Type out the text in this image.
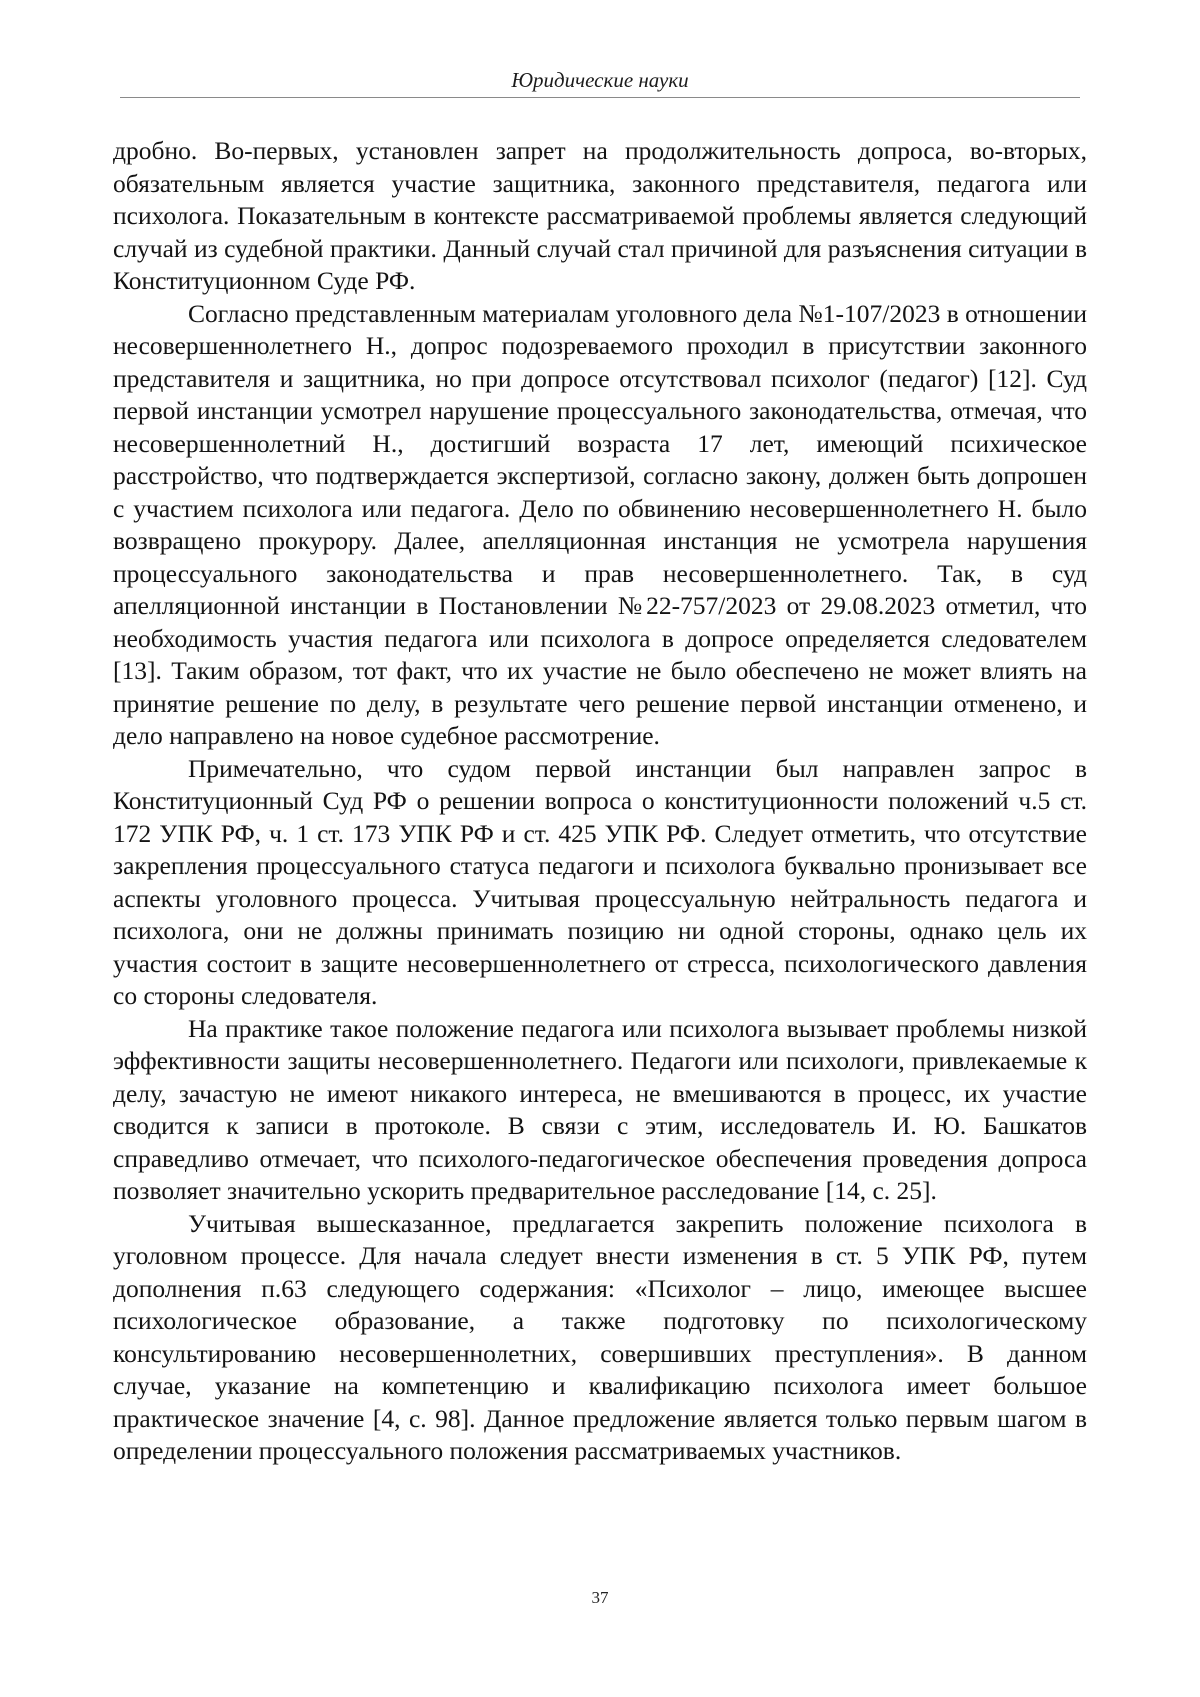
Юридические науки

дробно. Во-первых, установлен запрет на продолжительность допроса, во-вторых, обязательным является участие защитника, законного представителя, педагога или психолога. Показательным в контексте рассматриваемой проблемы является следующий случай из судебной практики. Данный случай стал причиной для разъяснения ситуации в Конституционном Суде РФ.

Согласно представленным материалам уголовного дела №1-107/2023 в отношении несовершеннолетнего Н., допрос подозреваемого проходил в присутствии законного представителя и защитника, но при допросе отсутствовал психолог (педагог) [12]. Суд первой инстанции усмотрел нарушение процессуального законодательства, отмечая, что несовершеннолетний Н., достигший возраста 17 лет, имеющий психическое расстройство, что подтверждается экспертизой, согласно закону, должен быть допрошен с участием психолога или педагога. Дело по обвинению несовершеннолетнего Н. было возвращено прокурору. Далее, апелляционная инстанция не усмотрела нарушения процессуального законодательства и прав несовершеннолетнего. Так, в суд апелляционной инстанции в Постановлении №22-757/2023 от 29.08.2023 отметил, что необходимость участия педагога или психолога в допросе определяется следователем [13]. Таким образом, тот факт, что их участие не было обеспечено не может влиять на принятие решение по делу, в результате чего решение первой инстанции отменено, и дело направлено на новое судебное рассмотрение.

Примечательно, что судом первой инстанции был направлен запрос в Конституционный Суд РФ о решении вопроса о конституционности положений ч.5 ст. 172 УПК РФ, ч. 1 ст. 173 УПК РФ и ст. 425 УПК РФ. Следует отметить, что отсутствие закрепления процессуального статуса педагоги и психолога буквально пронизывает все аспекты уголовного процесса. Учитывая процессуальную нейтральность педагога и психолога, они не должны принимать позицию ни одной стороны, однако цель их участия состоит в защите несовершеннолетнего от стресса, психологического давления со стороны следователя.

На практике такое положение педагога или психолога вызывает проблемы низкой эффективности защиты несовершеннолетнего. Педагоги или психологи, привлекаемые к делу, зачастую не имеют никакого интереса, не вмешиваются в процесс, их участие сводится к записи в протоколе. В связи с этим, исследователь И. Ю. Башкатов справедливо отмечает, что психолого-педагогическое обеспечения проведения допроса позволяет значительно ускорить предварительное расследование [14, с. 25].

Учитывая вышесказанное, предлагается закрепить положение психолога в уголовном процессе. Для начала следует внести изменения в ст. 5 УПК РФ, путем дополнения п.63 следующего содержания: «Психолог – лицо, имеющее высшее психологическое образование, а также подготовку по психологическому консультированию несовершеннолетних, совершивших преступления». В данном случае, указание на компетенцию и квалификацию психолога имеет большое практическое значение [4, с. 98]. Данное предложение является только первым шагом в определении процессуального положения рассматриваемых участников.

37
